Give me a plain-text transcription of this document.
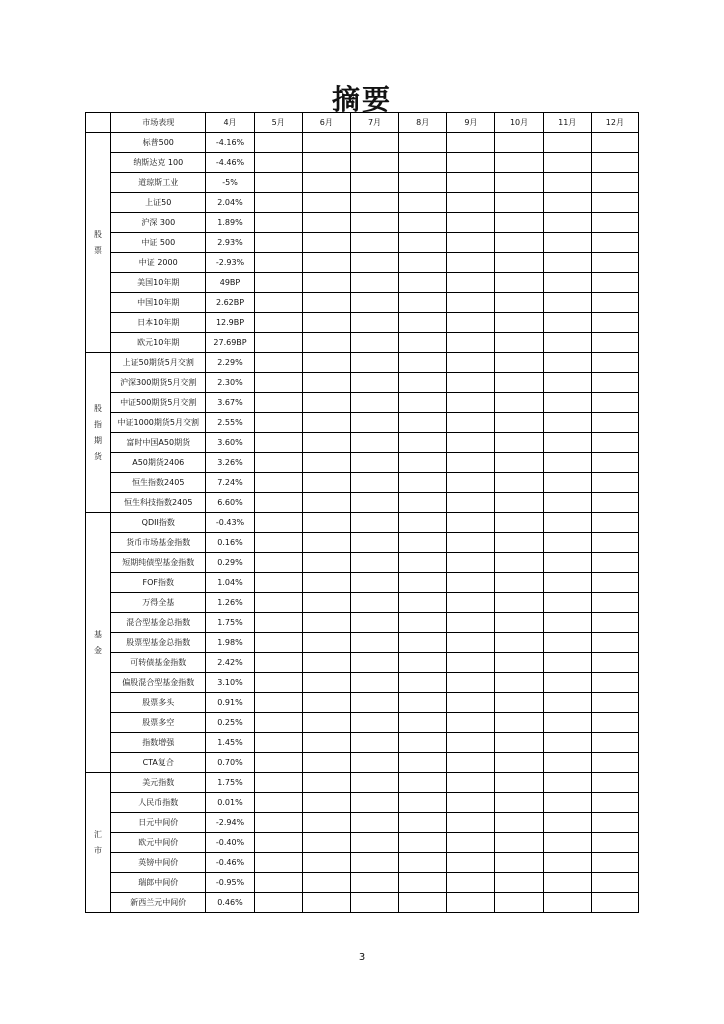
摘要
	市场表现	4月	5月	6月	7月	8月	9月	10月	11月	12月

股
票	标普500	-4.16%								
	纳斯达克 100	-4.46%								
	道琼斯工业	-5%								
	上证50	2.04%								
	沪深 300	1.89%								
	中证 500	2.93%								
	中证 2000	-2.93%								
	美国10年期	49BP								
	中国10年期	2.62BP								
	日本10年期	12.9BP								
	欧元10年期	27.69BP								

股
指
期
货	上证50期货5月交割	2.29%								
	沪深300期货5月交割	2.30%								
	中证500期货5月交割	3.67%								
	中证1000期货5月交割	2.55%								
	富时中国A50期货	3.60%								
	A50期货2406	3.26%								
	恒生指数2405	7.24%								
	恒生科技指数2405	6.60%								

基
金	QDII指数	-0.43%								
	货币市场基金指数	0.16%								
	短期纯债型基金指数	0.29%								
	FOF指数	1.04%								
	万得全基	1.26%								
	混合型基金总指数	1.75%								
	股票型基金总指数	1.98%								
	可转债基金指数	2.42%								
	偏股混合型基金指数	3.10%								
	股票多头	0.91%								
	股票多空	0.25%								
	指数增强	1.45%								
	CTA复合	0.70%								

汇
市	美元指数	1.75%								
	人民币指数	0.01%								
	日元中间价	-2.94%								
	欧元中间价	-0.40%								
	英镑中间价	-0.46%								
	瑞郎中间价	-0.95%								
	新西兰元中间价	0.46%								
3
